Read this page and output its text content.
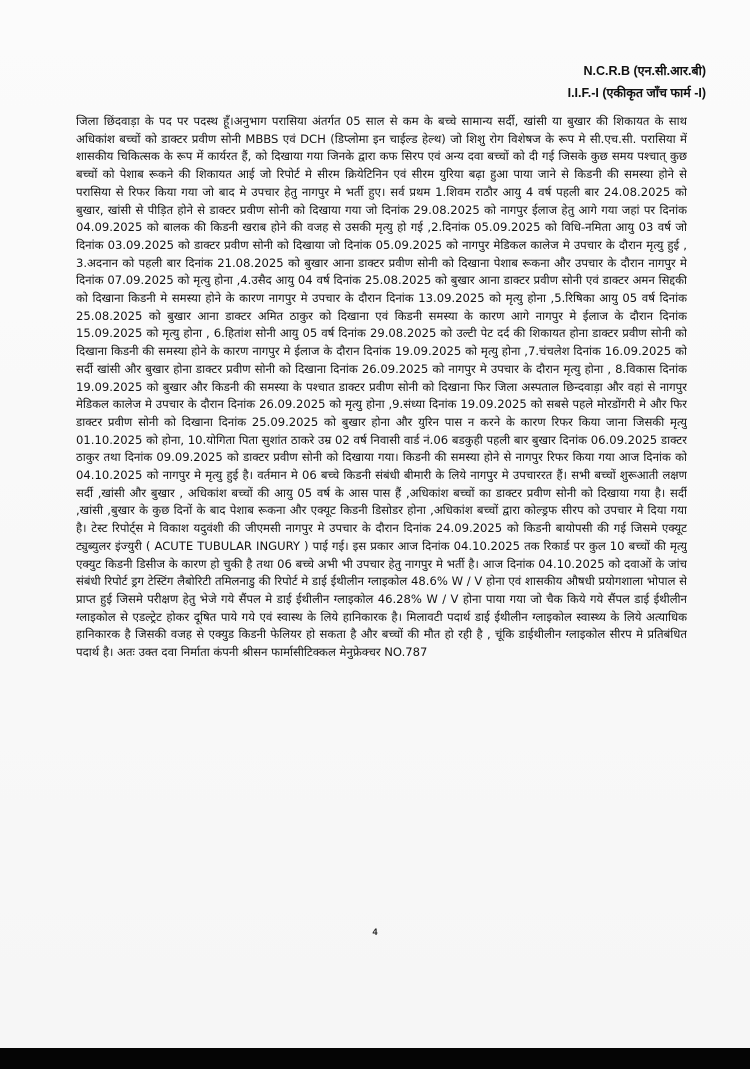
N.C.R.B (एन.सी.आर.बी)
I.I.F.-I (एकीकृत जाँच फार्म -I)
जिला छिंदवाड़ा के पद पर पदस्थ हूँ।अनुभाग परासिया अंतर्गत 05 साल से कम के बच्चे सामान्य सर्दी, खांसी या बुखार की शिकायत के साथ अधिकांश बच्चों को डाक्टर प्रवीण सोनी MBBS एवं DCH (डिप्लोमा इन चाईल्ड हेल्थ) जो शिशु रोग विशेषज के रूप मे सी.एच.सी. परासिया में शासकीय चिकित्सक के रूप में कार्यरत हैं, को दिखाया गया जिनके द्वारा कफ सिरप एवं अन्य दवा बच्चों को दी गई जिसके कुछ समय पश्चात् कुछ बच्चों को पेशाब रूकने की शिकायत आई जो रिपोर्ट मे सीरम क्रियेटिनिन एवं सीरम युरिया बढ़ा हुआ पाया जाने से किडनी की समस्या होने से परासिया से रिफर किया गया जो बाद मे उपचार हेतु नागपुर मे भर्ती हुए। सर्व प्रथम 1.शिवम राठौर आयु 4 वर्ष पहली बार 24.08.2025 को बुखार, खांसी से पीड़ित होने से डाक्टर प्रवीण सोनी को दिखाया गया जो दिनांक 29.08.2025 को नागपुर ईलाज हेतु आगे गया जहां पर दिनांक 04.09.2025 को बालक की किडनी खराब होने की वजह से उसकी मृत्यु हो गई ,2.दिनांक 05.09.2025 को विधि-नमिता आयु 03 वर्ष जो दिनांक 03.09.2025 को डाक्टर प्रवीण सोनी को दिखाया जो दिनांक 05.09.2025 को नागपुर मेडिकल कालेज मे उपचार के दौरान मृत्यु हुई , 3.अदनान को पहली बार दिनांक 21.08.2025 को बुखार आना डाक्टर प्रवीण सोनी को दिखाना पेशाब रूकना और उपचार के दौरान नागपुर मे दिनांक 07.09.2025 को मृत्यु होना ,4.उसैद आयु 04 वर्ष दिनांक 25.08.2025 को बुखार आना डाक्टर प्रवीण सोनी एवं डाक्टर अमन सिद्दकी को दिखाना किडनी मे समस्या होने के कारण नागपुर मे उपचार के दौरान दिनांक 13.09.2025 को मृत्यु होना ,5.रिषिका आयु 05 वर्ष दिनांक 25.08.2025 को बुखार आना डाक्टर अमित ठाकुर को दिखाना एवं किडनी समस्या के कारण आगे नागपुर मे ईलाज के दौरान दिनांक 15.09.2025 को मृत्यु होना , 6.हितांश सोनी आयु 05 वर्ष दिनांक 29.08.2025 को उल्टी पेट दर्द की शिकायत होना डाक्टर प्रवीण सोनी को दिखाना किडनी की समस्या होने के कारण नागपुर मे ईलाज के दौरान दिनांक 19.09.2025 को मृत्यु होना ,7.चंचलेश दिनांक 16.09.2025 को सर्दी खांसी और बुखार होना डाक्टर प्रवीण सोनी को दिखाना दिनांक 26.09.2025 को नागपुर मे उपचार के दौरान मृत्यु होना , 8.विकास दिनांक 19.09.2025 को बुखार और किडनी की समस्या के पश्चात डाक्टर प्रवीण सोनी को दिखाना फिर जिला अस्पताल छिन्दवाड़ा और वहां से नागपुर मेडिकल कालेज मे उपचार के दौरान दिनांक 26.09.2025 को मृत्यु होना ,9.संध्या दिनांक 19.09.2025 को सबसे पहले मोरडोंगरी मे और फिर डाक्टर प्रवीण सोनी को दिखाना दिनांक 25.09.2025 को बुखार होना और युरिन पास न करने के कारण रिफर किया जाना जिसकी मृत्यु 01.10.2025 को होना, 10.योगिता पिता सुशांत ठाकरे उम्र 02 वर्ष निवासी वार्ड नं.06 बडकुही पहली बार बुखार दिनांक 06.09.2025 डाक्टर ठाकुर तथा दिनांक 09.09.2025 को डाक्टर प्रवीण सोनी को दिखाया गया। किडनी की समस्या होने से नागपुर रिफर किया गया आज दिनांक को 04.10.2025 को नागपुर मे मृत्यु हुई है। वर्तमान मे 06 बच्चे किडनी संबंधी बीमारी के लिये नागपुर मे उपचाररत हैं। सभी बच्चों शुरूआती लक्षण सर्दी ,खांसी और बुखार , अधिकांश बच्चों की आयु 05 वर्ष के आस पास हैं ,अधिकांश बच्चों का डाक्टर प्रवीण सोनी को दिखाया गया है। सर्दी ,खांसी ,बुखार के कुछ दिनों के बाद पेशाब रूकना और एक्यूट किडनी डिसोडर होना ,अधिकांश बच्चों द्वारा कोल्ड्रफ सीरप को उपचार मे दिया गया है। टेस्ट रिपोर्ट्स मे विकाश यदुवंशी की जीएमसी नागपुर मे उपचार के दौरान दिनांक 24.09.2025 को किडनी बायोपसी की गई जिसमे एक्यूट ट्युब्युलर इंज्युरी ( ACUTE TUBULAR INGURY ) पाई गई। इस प्रकार आज दिनांक 04.10.2025 तक रिकार्ड पर कुल 10 बच्चों की मृत्यु एक्युट किडनी डिसीज के कारण हो चुकी है तथा 06 बच्चे अभी भी उपचार हेतु नागपुर मे भर्ती है। आज दिनांक 04.10.2025 को दवाओं के जांच संबंधी रिपोर्ट ड्रग टेस्टिंग लैबोरिटी तमिलनाडु की रिपोर्ट मे डाई ईथीलीन ग्लाइकोल 48.6% W / V होना एवं शासकीय औषधी प्रयोगशाला भोपाल से प्राप्त हुई जिसमे परीक्षण हेतु भेजे गये सैंपल मे डाई ईथीलीन ग्लाइकोल 46.28% W / V होना पाया गया जो चैक किये गये सैंपल डाई ईथीलीन ग्लाइकोल से एडल्ट्रेट होकर दूषित पाये गये एवं स्वास्थ के लिये हानिकारक है। मिलावटी पदार्थ डाई ईथीलीन ग्लाइकोल स्वास्थ्य के लिये अत्याधिक हानिकारक है जिसकी वजह से एक्युड किडनी फेलियर हो सकता है और बच्चों की मौत हो रही है , चूंकि डाईथीलीन ग्लाइकोल सीरप मे प्रतिबंधित पदार्थ है। अतः उक्त दवा निर्माता कंपनी श्रीसन फार्मासीटिक्कल मेनुफ्रेक्चर NO.787
4
